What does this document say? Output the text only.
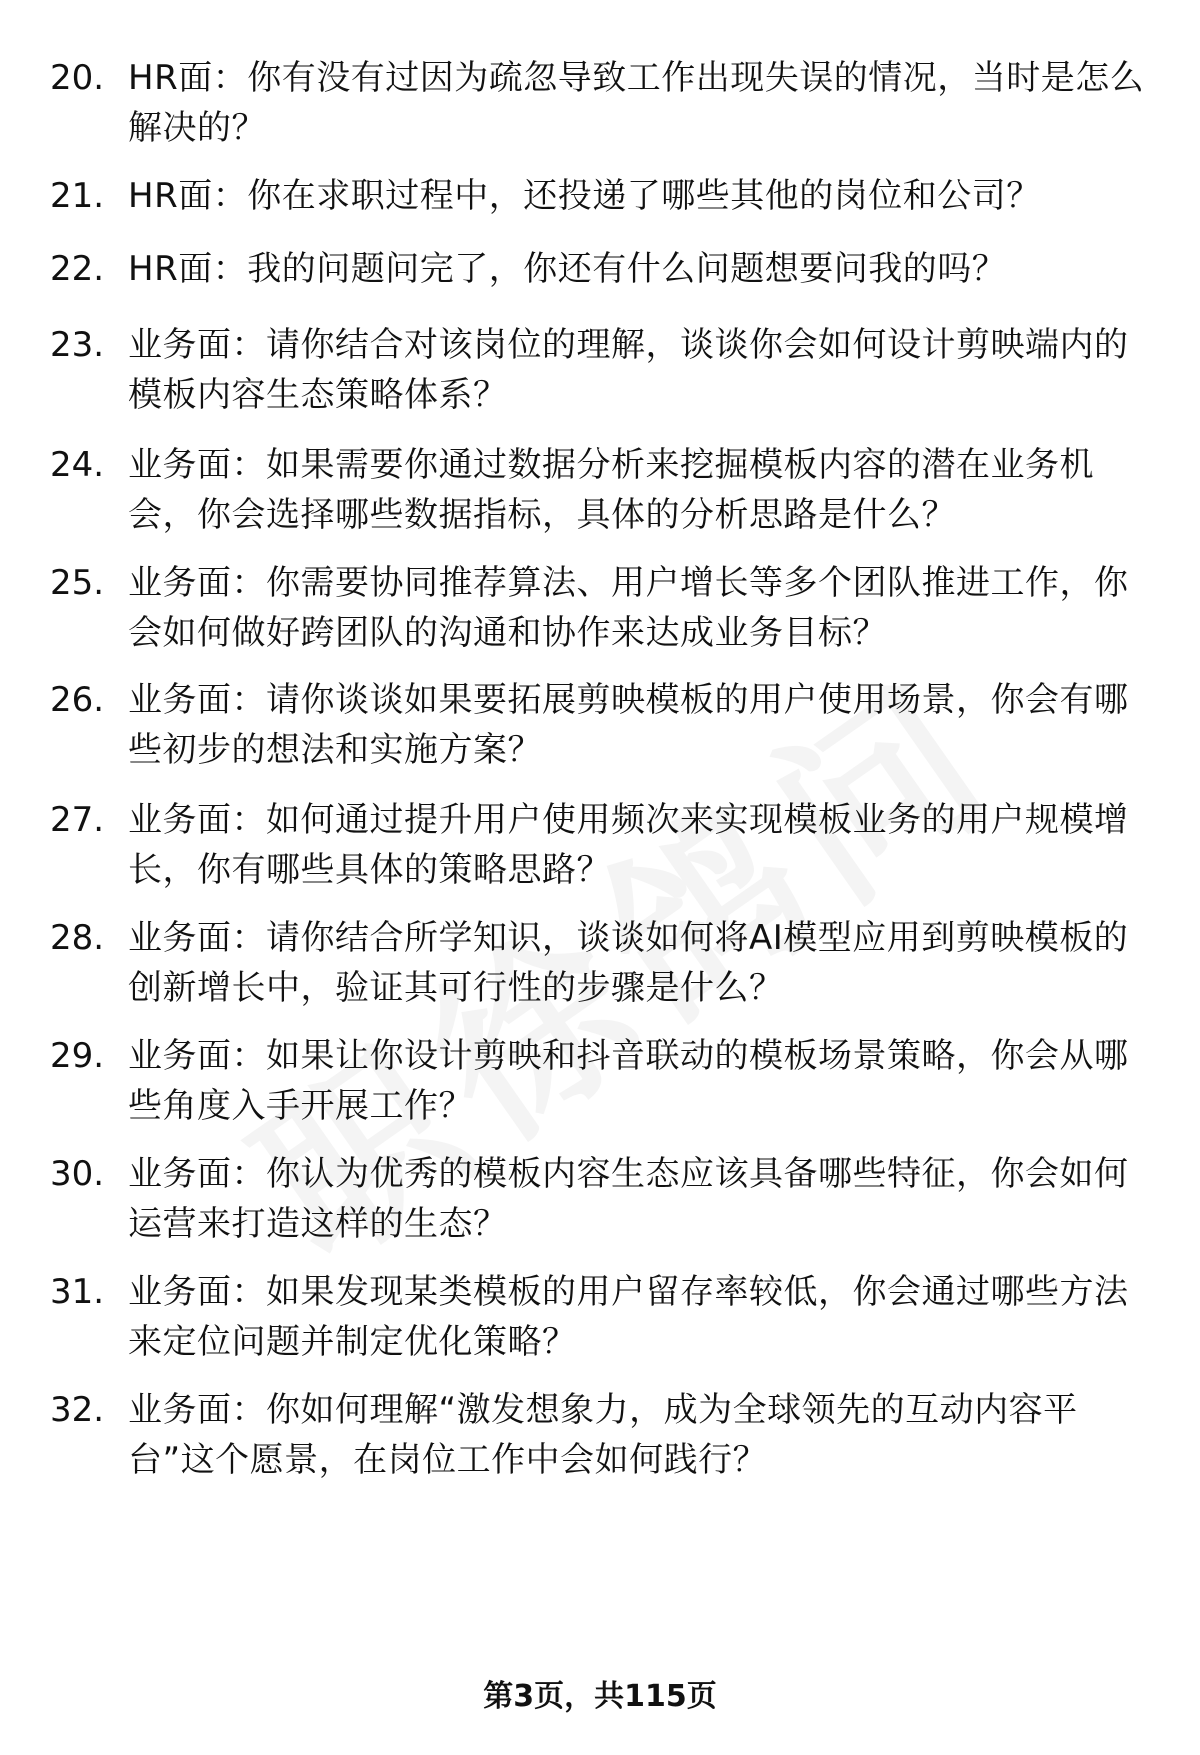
20. HR面：你有没有过因为疏忽导致工作出现失误的情况，当时是怎么解决的？
21. HR面：你在求职过程中，还投递了哪些其他的岗位和公司？
22. HR面：我的问题问完了，你还有什么问题想要问我的吗？
23. 业务面：请你结合对该岗位的理解，谈谈你会如何设计剪映端内的模板内容生态策略体系？
24. 业务面：如果需要你通过数据分析来挖掘模板内容的潜在业务机会，你会选择哪些数据指标，具体的分析思路是什么？
25. 业务面：你需要协同推荐算法、用户增长等多个团队推进工作，你会如何做好跨团队的沟通和协作来达成业务目标？
26. 业务面：请你谈谈如果要拓展剪映模板的用户使用场景，你会有哪些初步的想法和实施方案？
27. 业务面：如何通过提升用户使用频次来实现模板业务的用户规模增长，你有哪些具体的策略思路？
28. 业务面：请你结合所学知识，谈谈如何将AI模型应用到剪映模板的创新增长中，验证其可行性的步骤是什么？
29. 业务面：如果让你设计剪映和抖音联动的模板场景策略，你会从哪些角度入手开展工作？
30. 业务面：你认为优秀的模板内容生态应该具备哪些特征，你会如何运营来打造这样的生态？
31. 业务面：如果发现某类模板的用户留存率较低，你会通过哪些方法来定位问题并制定优化策略？
32. 业务面：你如何理解“激发想象力，成为全球领先的互动内容平台”这个愿景，在岗位工作中会如何践行？
第3页，共115页
